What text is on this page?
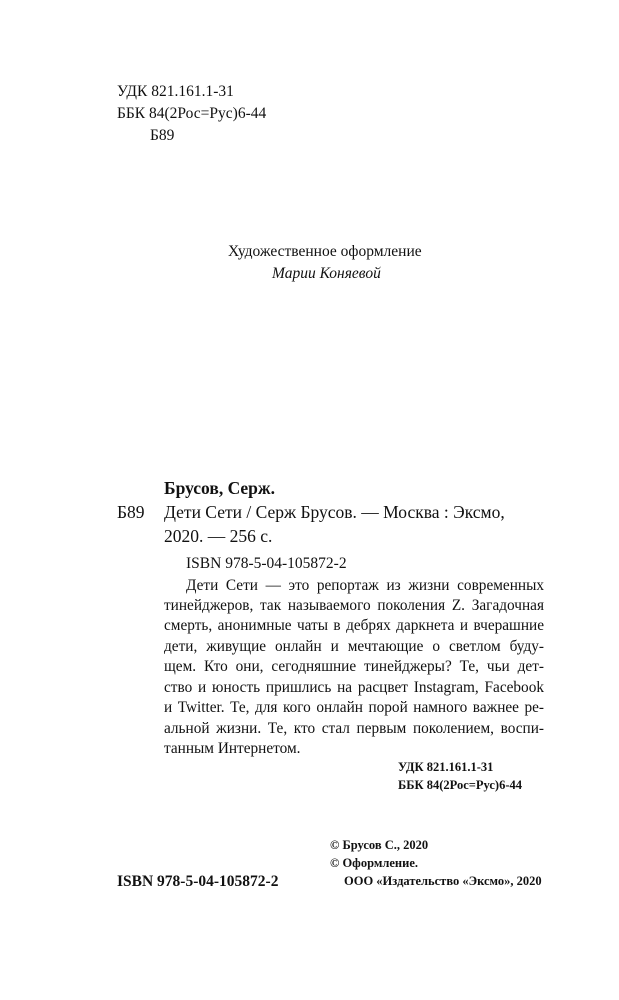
УДК 821.161.1-31
ББК 84(2Рос=Рус)6-44
Б89
Художественное оформление
Марии Коняевой
Брусов, Серж.
Б89 Дети Сети / Серж Брусов. — Москва : Эксмо,
2020. — 256 с.
ISBN 978-5-04-105872-2
Дети Сети — это репортаж из жизни современных
тинейджеров, так называемого поколения Z. Загадочная
смерть, анонимные чаты в дебрях даркнета и вчерашние
дети, живущие онлайн и мечтающие о светлом буду-
щем. Кто они, сегодняшние тинейджеры? Те, чьи дет-
ство и юность пришлись на расцвет Instagram, Facebook
и Twitter. Те, для кого онлайн порой намного важнее ре-
альной жизни. Те, кто стал первым поколением, воспи-
танным Интернетом.
УДК 821.161.1-31
ББК 84(2Рос=Рус)6-44
© Брусов С., 2020
© Оформление.
ООО «Издательство «Эксмо», 2020
ISBN 978-5-04-105872-2
